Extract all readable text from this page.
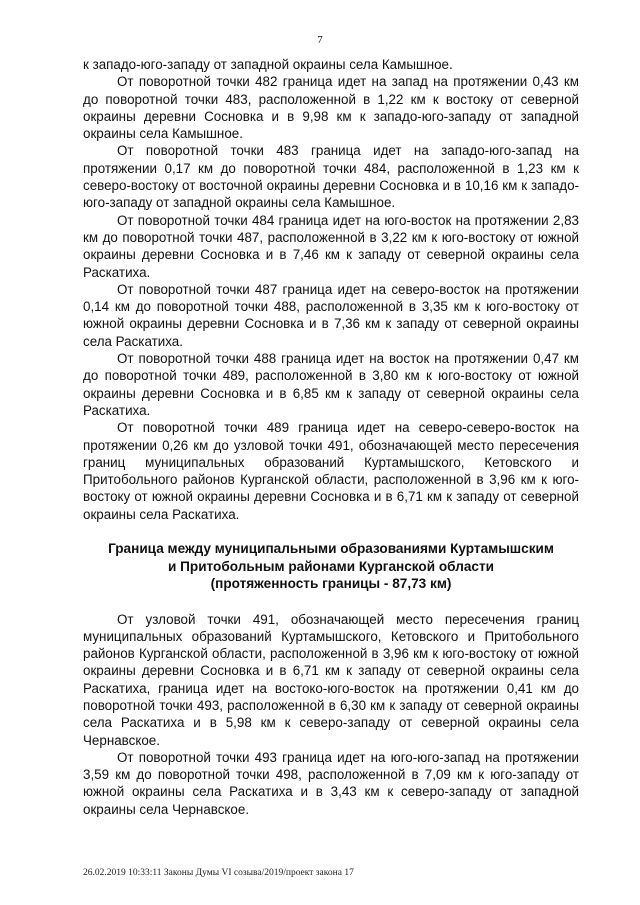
7

к западо-юго-западу от западной окраины села Камышное.

От поворотной точки 482 граница идет на запад на протяжении 0,43 км до поворотной точки 483, расположенной в 1,22 км к востоку от северной окраины деревни Сосновка и в 9,98 км к западо-юго-западу от западной окраины села Камышное.

От поворотной точки 483 граница идет на западо-юго-запад на протяжении 0,17 км до поворотной точки 484, расположенной в 1,23 км к северо-востоку от восточной окраины деревни Сосновка и в 10,16 км к западо-юго-западу от западной окраины села Камышное.

От поворотной точки 484 граница идет на юго-восток на протяжении 2,83 км до поворотной точки 487, расположенной в 3,22 км к юго-востоку от южной окраины деревни Сосновка и в 7,46 км к западу от северной окраины села Раскатиха.

От поворотной точки 487 граница идет на северо-восток на протяжении 0,14 км до поворотной точки 488, расположенной в 3,35 км к юго-востоку от южной окраины деревни Сосновка и в 7,36 км к западу от северной окраины села Раскатиха.

От поворотной точки 488 граница идет на восток на протяжении 0,47 км до поворотной точки 489, расположенной в 3,80 км к юго-востоку от южной окраины деревни Сосновка и в 6,85 км к западу от северной окраины села Раскатиха.

От поворотной точки 489 граница идет на северо-северо-восток на протяжении 0,26 км до узловой точки 491, обозначающей место пересечения границ муниципальных образований Куртамышского, Кетовского и Притобольного районов Курганской области, расположенной в 3,96 км к юго-востоку от южной окраины деревни Сосновка и в 6,71 км к западу от северной окраины села Раскатиха.

Граница между муниципальными образованиями Куртамышским
и Притобольным районами Курганской области
(протяженность границы - 87,73 км)

От узловой точки 491, обозначающей место пересечения границ муниципальных образований Куртамышского, Кетовского и Притобольного районов Курганской области, расположенной в 3,96 км к юго-востоку от южной окраины деревни Сосновка и в 6,71 км к западу от северной окраины села Раскатиха, граница идет на востоко-юго-восток на протяжении 0,41 км до поворотной точки 493, расположенной в 6,30 км к западу от северной окраины села Раскатиха и в 5,98 км к северо-западу от северной окраины села Чернавское.

От поворотной точки 493 граница идет на юго-юго-запад на протяжении 3,59 км до поворотной точки 498, расположенной в 7,09 км к юго-западу от южной окраины села Раскатиха и в 3,43 км к северо-западу от западной окраины села Чернавское.

26.02.2019 10:33:11 Законы Думы VI созыва/2019/проект закона 17
